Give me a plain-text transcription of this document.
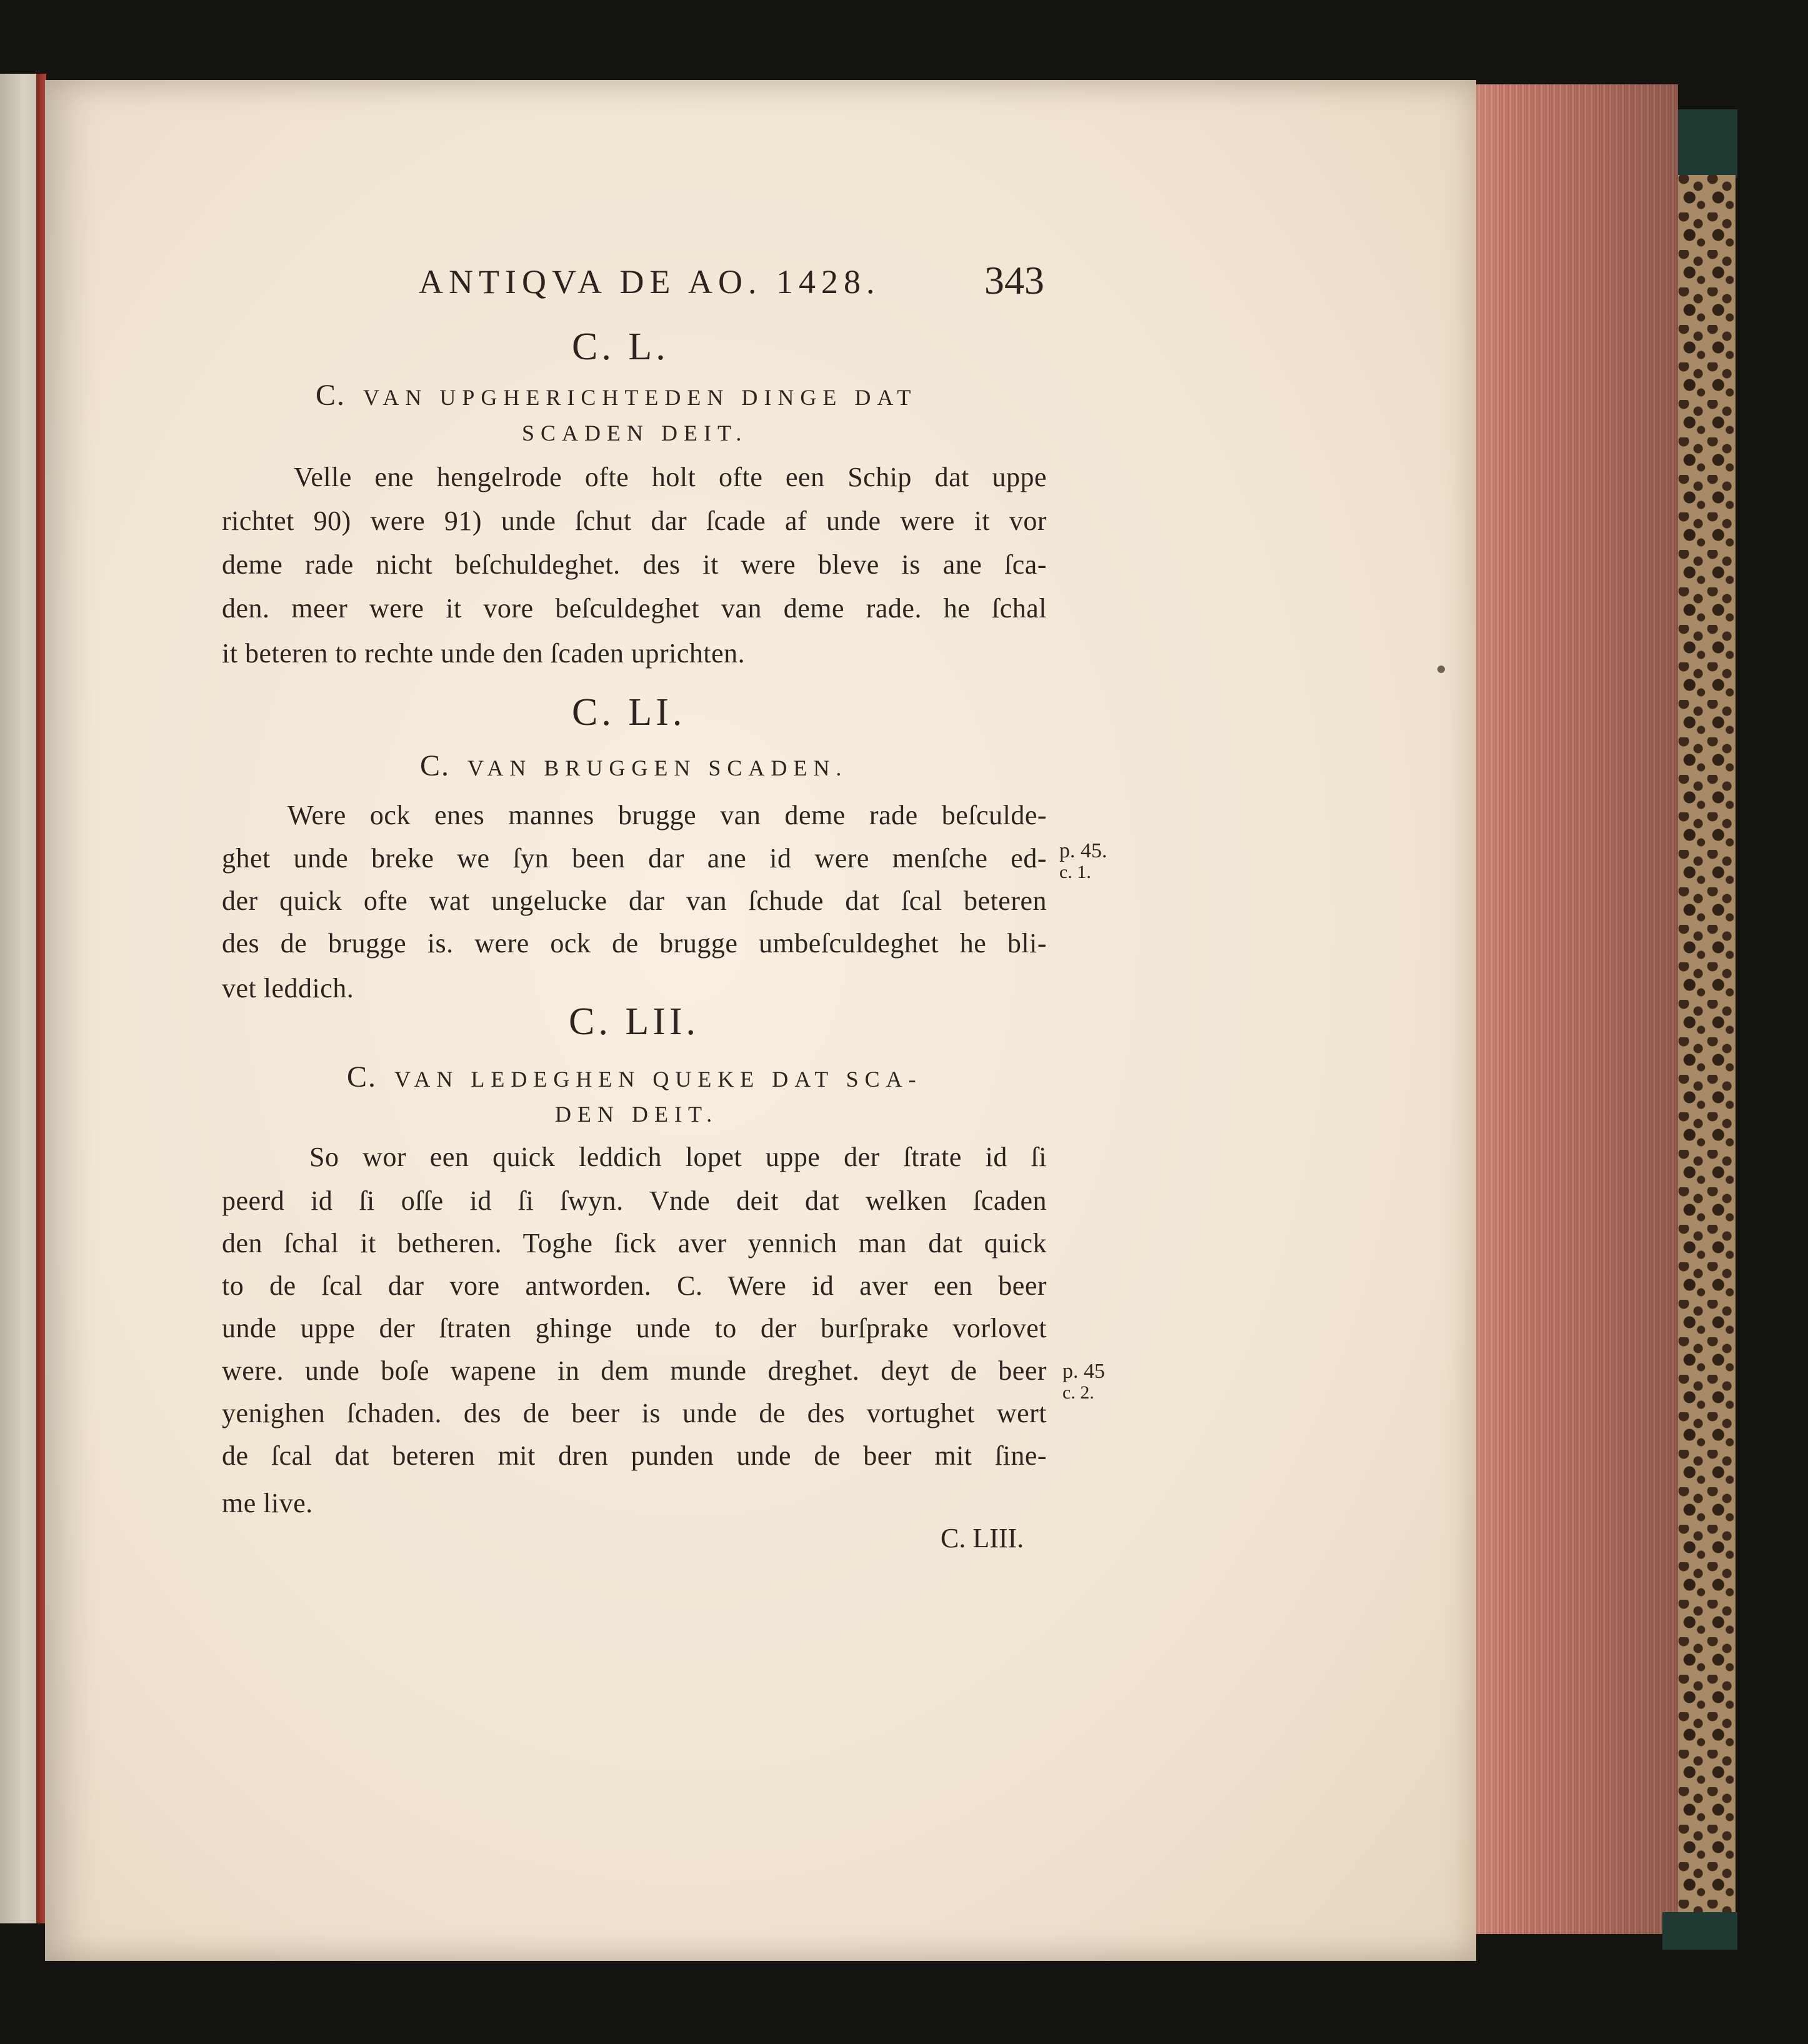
ANTIQVA DE AO. 1428.	343
C. L.
C. VAN UPGHERICHTEDEN DINGE DAT
SCADEN DEIT.
Velle ene hengelrode ofte holt ofte een Schip dat uppe
richtet 90) were 91) unde ſchut dar ſcade af unde were it vor
deme rade nicht beſchuldeghet. des it were bleve is ane ſca-
den. meer were it vore beſculdeghet van deme rade. he ſchal
it beteren to rechte unde den ſcaden uprichten.
C. LI.
C. VAN BRUGGEN SCADEN.
Were ock enes mannes brugge van deme rade beſculde-
ghet unde breke we ſyn been dar ane id were menſche ed-
der quick ofte wat ungelucke dar van ſchude dat ſcal beteren
des de brugge is. were ock de brugge umbeſculdeghet he bli-
vet leddich.
p. 45.
c. 1.
C. LII.
C. VAN LEDEGHEN QUEKE DAT SCA-
DEN DEIT.
So wor een quick leddich lopet uppe der ſtrate id ſi
peerd id ſi oſſe id ſi ſwyn. Vnde deit dat welken ſcaden
den ſchal it betheren. Toghe ſick aver yennich man dat quick
to de ſcal dar vore antworden. C. Were id aver een beer
unde uppe der ſtraten ghinge unde to der burſprake vorlovet
were. unde boſe wapene in dem munde dreghet. deyt de beer
yenighen ſchaden. des de beer is unde de des vortughet wert
de ſcal dat beteren mit dren punden unde de beer mit ſine-
me live.
p. 45
c. 2.
C. LIII.
